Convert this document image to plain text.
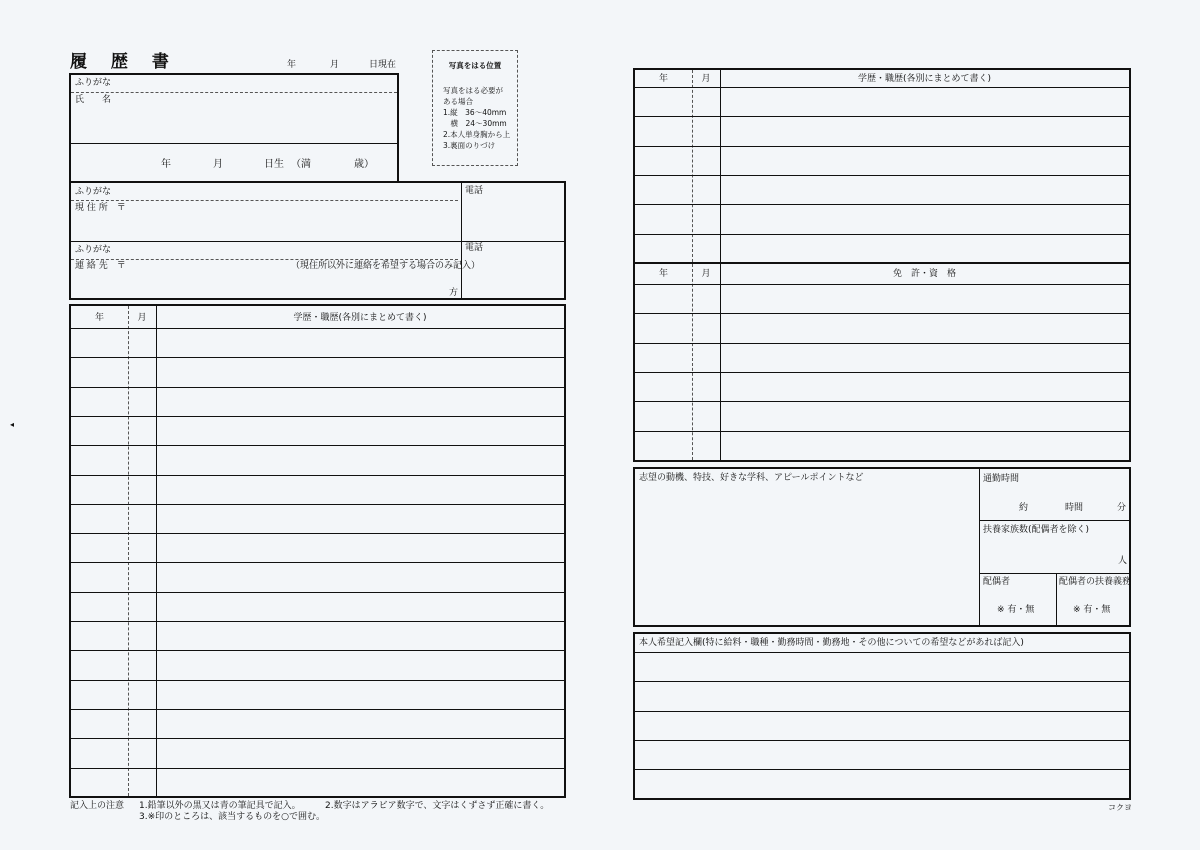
履 歴 書	年	月	日現在	写真をはる位置
写真をはる必要が
ある場合
1.縦　36〜40mm
　横　24〜30mm
2.本人単身胸から上
3.裏面のりづけ
ふりがな
氏　　名
年	月	日生 （満	歳）
ふりがな
現 住 所　〒
電話
ふりがな
連 絡 先　〒	（現住所以外に連絡を希望する場合のみ記入）
方
電話
年	月	学歴・職歴(各別にまとめて書く)
記入上の注意 1.鉛筆以外の黒又は青の筆記具で記入。	2.数字はアラビア数字で、文字はくずさず正確に書く。
3.※印のところは、該当するものを○で囲む。
◂
年	月	学歴・職歴(各別にまとめて書く)
年	月	免　許・資　格
志望の動機、特技、好きな学科、アピールポイントなど	通勤時間
約	時間	分
扶養家族数(配偶者を除く)
人
配偶者
※ 有・無
配偶者の扶養義務
※ 有・無
本人希望記入欄(特に給料・職種・勤務時間・勤務地・その他についての希望などがあれば記入)
コクヨ
